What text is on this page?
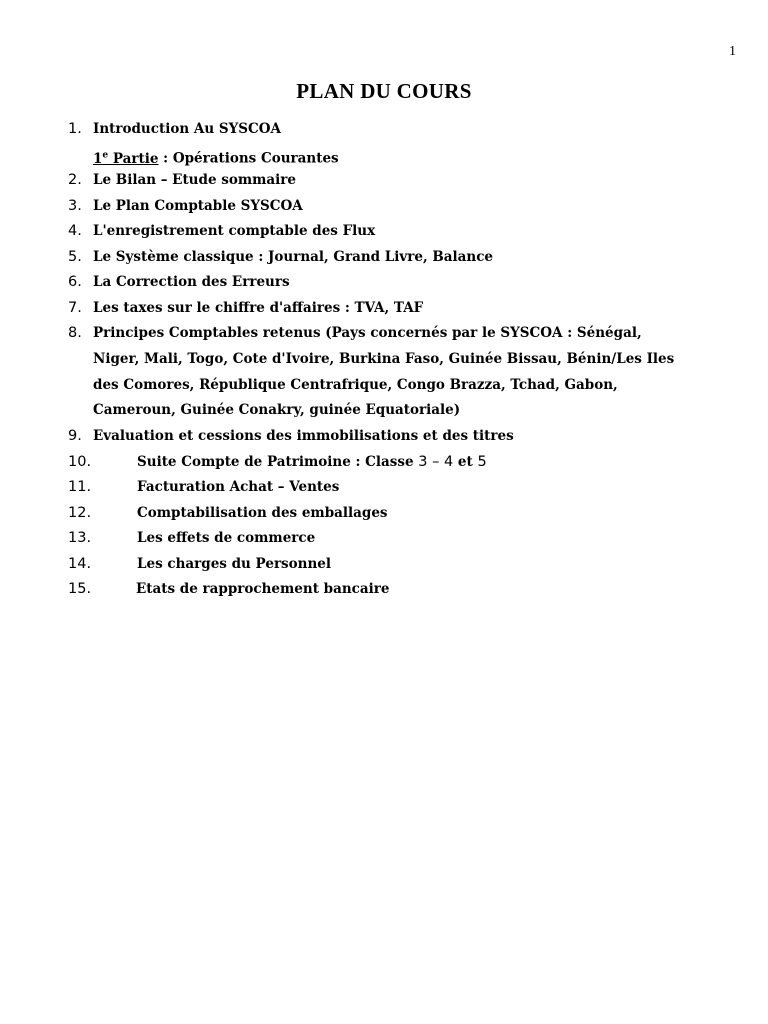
1
PLAN DU COURS
1. Introduction Au SYSCOA
1e Partie : Opérations Courantes
2. Le Bilan – Etude sommaire
3. Le Plan Comptable SYSCOA
4. L'enregistrement comptable des Flux
5. Le Système classique : Journal, Grand Livre, Balance
6. La Correction des Erreurs
7. Les taxes sur le chiffre d'affaires : TVA, TAF
8. Principes Comptables retenus (Pays concernés par le SYSCOA : Sénégal,
Niger, Mali, Togo, Cote d'Ivoire, Burkina Faso, Guinée Bissau, Bénin/Les Iles
des Comores, République Centrafrique, Congo Brazza, Tchad, Gabon,
Cameroun, Guinée Conakry, guinée Equatoriale)
9. Evaluation et cessions des immobilisations et des titres
10.	Suite Compte de Patrimoine : Classe 3 – 4 et 5
11.	Facturation Achat – Ventes
12.	Comptabilisation des emballages
13.	Les effets de commerce
14.	Les charges du Personnel
15.	Etats de rapprochement bancaire
